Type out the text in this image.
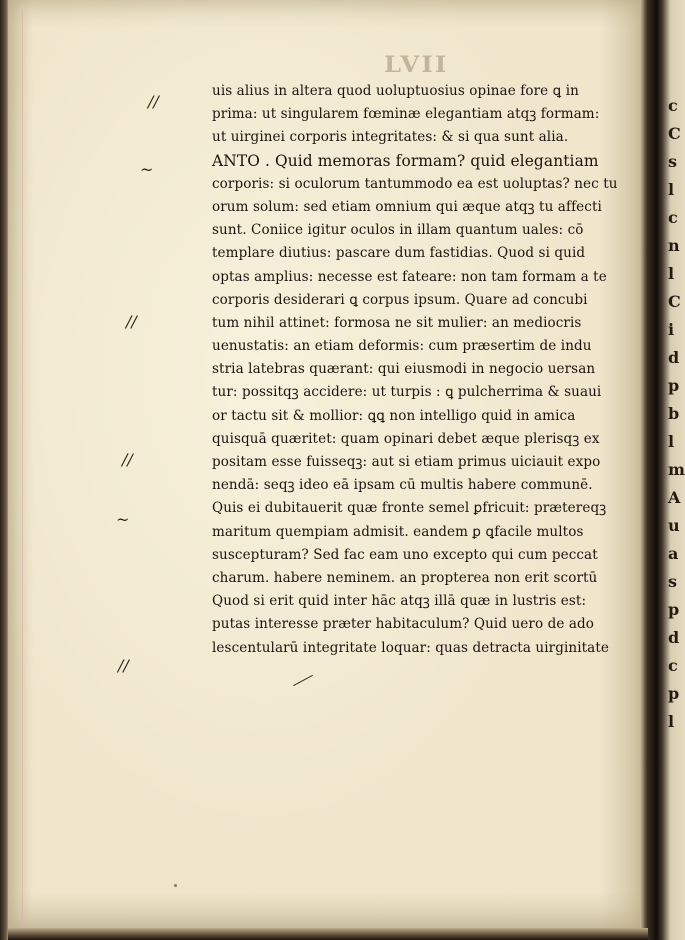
LVII
uis alius in altera quod uoluptuosius opinae fore ꝗ in
prima: ut singularem fœminæ elegantiam atqꝫ formam:
ut uirginei corporis integritates: & si qua sunt alia.
ANTO . Quid memoras formam? quid elegantiam
corporis: si oculorum tantummodo ea est uoluptas? nec tu
orum solum: sed etiam omnium qui æque atqꝫ tu affecti
sunt. Coniice igitur oculos in illam quantum uales: cō
templare diutius: pascare dum fastidias. Quod si quid
optas amplius: necesse est fateare: non tam formam a te
corporis desiderari ꝗ corpus ipsum. Quare ad concubi
tum nihil attinet: formosa ne sit mulier: an mediocris
uenustatis: an etiam deformis: cum præsertim de indu
stria latebras quærant: qui eiusmodi in negocio uersan
tur: possitqꝫ accidere: ut turpis : ꝗ pulcherrima & suaui
or tactu sit & mollior: ꝗꝗ non intelligo quid in amica
quisquā quæritet: quam opinari debet æque plerisqꝫ ex
positam esse fuisseqꝫ: aut si etiam primus uiciauit expo
nendā: seqꝫ ideo eā ipsam cū multis habere communē.
Quis ei dubitauerit quæ fronte semel ꝑfricuit: prætereqꝫ
maritum quempiam admisit. eandem ꝑ ꝗfacile multos
suscepturam? Sed fac eam uno excepto qui cum peccat
charum. habere neminem. an propterea non erit scortū
Quod si erit quid inter hāc atqꝫ illā quæ in lustris est:
putas interesse præter habitaculum? Quid uero de ado
lescentularū integritate loquar: quas detracta uirginitate
//
~
//
//
~
//
c
C
s
l
c
n
l
C
i
d
p
b
l
m
A
u
a
s
p
d
c
p
l
